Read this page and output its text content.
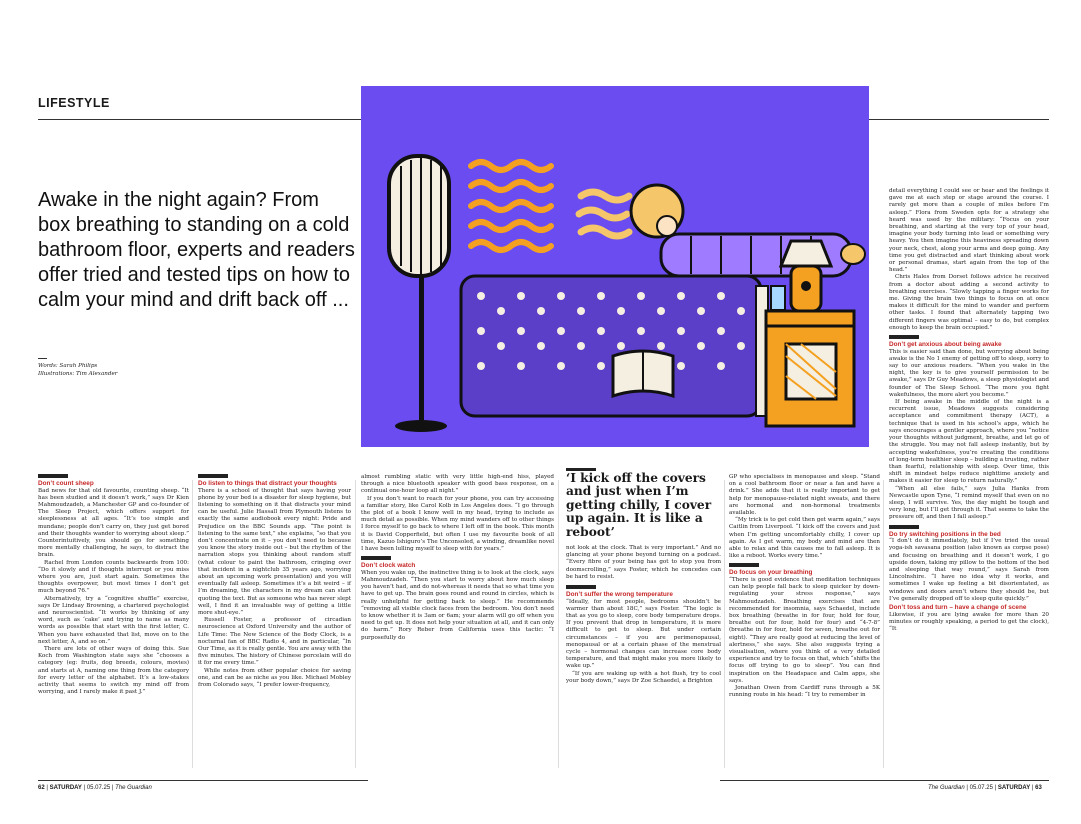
LIFESTYLE
Awake in the night again? From box breathing to standing on a cold bathroom floor, experts and readers offer tried and tested tips on how to calm your mind and drift back off ...
Words: Sarah Philips
Illustrations: Tim Alexander
Don’t count sheep

Bad news for that old favourite, counting sheep. “It has been studied and it doesn’t work,” says Dr Kien Mahmoudzadeh, a Manchester GP and co-founder of The Sleep Project, which offers support for sleeplessness at all ages. “It’s too simple and mundane; people don’t carry on, they just get bored and their thoughts wander to worrying about sleep.” Counterintuitively, you should go for something more mentally challenging, he says, to distract the brain.

Rachel from London counts backwards from 100: “Do it slowly and if thoughts interrupt or you miss where you are, just start again. Sometimes the thoughts overpower, but most times I don’t get much beyond 76.”

Alternatively, try a “cognitive shuffle” exercise, says Dr Lindsay Browning, a chartered psychologist and neuroscientist. “It works by thinking of any word, such as ‘cake’ and trying to name as many words as possible that start with the first letter, C. When you have exhausted that list, move on to the next letter, A, and so on.”

There are lots of other ways of doing this. Sue Koch from Washington state says she “chooses a category (eg: fruits, dog breeds, colours, movies) and starts at A, naming one thing from the category for every letter of the alphabet. It’s a low-stakes activity that seems to switch my mind off from worrying, and I rarely make it past J.”

Do listen to things that distract your thoughts

There is a school of thought that says having your phone by your bed is a disaster for sleep hygiene, but listening to something on it that distracts your mind can be useful. Julie Hassall from Plymouth listens to exactly the same audiobook every night: Pride and Prejudice on the BBC Sounds app. “The point is listening to the same text,” she explains, “so that you don’t concentrate on it – you don’t need to because you know the story inside out – but the rhythm of the narration stops you thinking about random stuff (what colour to paint the bathroom, cringing over that incident in a nightclub 35 years ago, worrying about an upcoming work presentation) and you will eventually fall asleep. Sometimes it’s a bit weird – if I’m dreaming, the characters in my dream can start quoting the text. But as someone who has never slept well, I find it an invaluable way of getting a little more shut-eye.”

Russell Foster, a professor of circadian neuroscience at Oxford University and the author of Life Time: The New Science of the Body Clock, is a nocturnal fan of BBC Radio 4, and in particular, “In Our Time, as it is really gentle. You are away with the five minutes. The history of Chinese porcelain will do it for me every time.”

While notes from other popular choice for saving one, and can be as niche as you like. Michael Mobley from Colorado says, “I prefer lower-frequency,

almost rumbling static with very little high-end hiss, played through a nice bluetooth speaker with good bass response, on a continual one-hour loop all night.”

If you don’t want to reach for your phone, you can try accessing a familiar story, like Carol Kolb in Los Angeles does. “I go through the plot of a book I know well in my head, trying to include as much detail as possible. When my mind wanders off to other things I force myself to go back to where I left off in the book. This month it is David Copperfield, but often I use my favourite book of all time, Kazuo Ishiguro’s The Unconsoled, a winding, dreamlike novel I have been lulling myself to sleep with for years.”

Don’t clock watch

When you wake up, the instinctive thing is to look at the clock, says Mahmoudzadeh. “Then you start to worry about how much sleep you haven’t had, and do not-whereas it needs that so what time you have to get up. The brain goes round and round in circles, which is really unhelpful for getting back to sleep.” He recommends “removing all visible clock faces from the bedroom. You don’t need to know whether it is 3am or 6am; your alarm will go off when you need to get up. It does not help your situation at all, and it can only do harm.” Rory Reber from California uses this tactic: “I purposefully do

‘I kick off the covers and just when I’m getting chilly, I cover up again. It is like a reboot’

not look at the clock. That is very important.” And no glancing at your phone beyond turning on a podcast. “Every fibre of your being has got to stop you from doomscrolling,” says Foster, which he concedes can be hard to resist.

Don’t suffer the wrong temperature

“Ideally, for most people, bedrooms shouldn’t be warmer than about 18C,” says Foster. “The logic is that as you go to sleep, core body temperature drops. If you prevent that drop in temperature, it is more difficult to get to sleep. But under certain circumstances – if you are perimenopausal, menopausal or at a certain phase of the menstrual cycle – hormonal changes can increase core body temperature, and that might make you more likely to wake up.”

“If you are waking up with a hot flush, try to cool your body down,” says Dr Zoe Schaedel, a Brighton

GP who specialises in menopause and sleep. “Stand on a cool bathroom floor or near a fan and have a drink.” She adds that it is really important to get help for menopause-related night sweats, and there are hormonal and non-hormonal treatments available.

“My trick is to get cold then get warm again,” says Caitlin from Liverpool. “I kick off the covers and just when I’m getting uncomfortably chilly, I cover up again. As I get warm, my body and mind are then able to relax and this causes me to fall asleep. It is like a reboot. Works every time.”

Do focus on your breathing

“There is good evidence that meditation techniques can help people fall back to sleep quicker by down-regulating your stress response,” says Mahmoudzadeh. Breathing exercises that are recommended for insomnia, says Schaedel, include box breathing (breathe in for four, hold for four, breathe out for four, hold for four) and “4-7-8” (breathe in for four, hold for seven, breathe out for eight). “They are really good at reducing the level of alertness,” she says. She also suggests trying a visualisation, where you think of a very detailed experience and try to focus on that, which “shifts the focus off trying to go to sleep”. You can find inspiration on the Headspace and Calm apps, she says.

Jonathan Owen from Cardiff runs through a 5K running route in his head: “I try to remember in

detail everything I could see or hear and the feelings it gave me at each step or stage around the course. I rarely get more than a couple of miles before I’m asleep.” Flora from Sweden opts for a strategy she heard was used by the military: “Focus on your breathing, and starting at the very top of your head, imagine your body turning into lead or something very heavy. You then imagine this heaviness spreading down your neck, chest, along your arms and deep going. Any time you get distracted and start thinking about work or personal dramas, start again from the top of the head.”

Chris Hales from Dorset follows advice he received from a doctor about adding a second activity to breathing exercises. “Slowly tapping a finger works for me. Giving the brain two things to focus on at once makes it difficult for the mind to wander and perform other tasks. I found that alternately tapping two different fingers was optimal – easy to do, but complex enough to keep the brain occupied.”

Don’t get anxious about being awake

This is easier said than done, but worrying about being awake is the No 1 enemy of getting off to sleep, sorry to say to our anxious readers. “When you wake in the night, the key is to give yourself permission to be awake,” says Dr Guy Meadows, a sleep physiologist and founder of The Sleep School. “The more you fight wakefulness, the more alert you become.”

If being awake in the middle of the night is a recurrent issue, Meadows suggests considering acceptance and commitment therapy (ACT), a technique that is used in his school’s apps, which he says encourages a gentler approach, where you “notice your thoughts without judgment, breathe, and let go of the struggle. You may not fall asleep instantly, but by accepting wakefulness, you’re creating the conditions of long-term healthier sleep – building a trusting, rather than fearful, relationship with sleep. Over time, this shift in mindset helps reduce nighttime anxiety and makes it easier for sleep to return naturally.”

“When all else fails,” says Julia Hanks from Newcastle upon Tyne, “I remind myself that even on no sleep, I will survive. Yes, the day might be tough and very long, but I’ll get through it. That seems to take the pressure off, and then I fall asleep.”

Do try switching positions in the bed

“I don’t do it immediately, but if I’ve tried the usual yoga-ish savasana position (also known as corpse pose) and focusing on breathing and it doesn’t work, I go upside down, taking my pillow to the bottom of the bed and sleeping that way round,” says Sarah from Lincolnshire. “I have no idea why it works, and sometimes I wake up feeling a bit disorientated, as windows and doors aren’t where they should be, but I’ve generally dropped off to sleep quite quickly.”

Don’t toss and turn – have a change of scene

Likewise, if you are lying awake for more than 20 minutes or roughly speaking, a period to get the clock), “It

62 | SATURDAY | 05.07.25 | The Guardian	The Guardian | 05.07.25 | SATURDAY | 63
